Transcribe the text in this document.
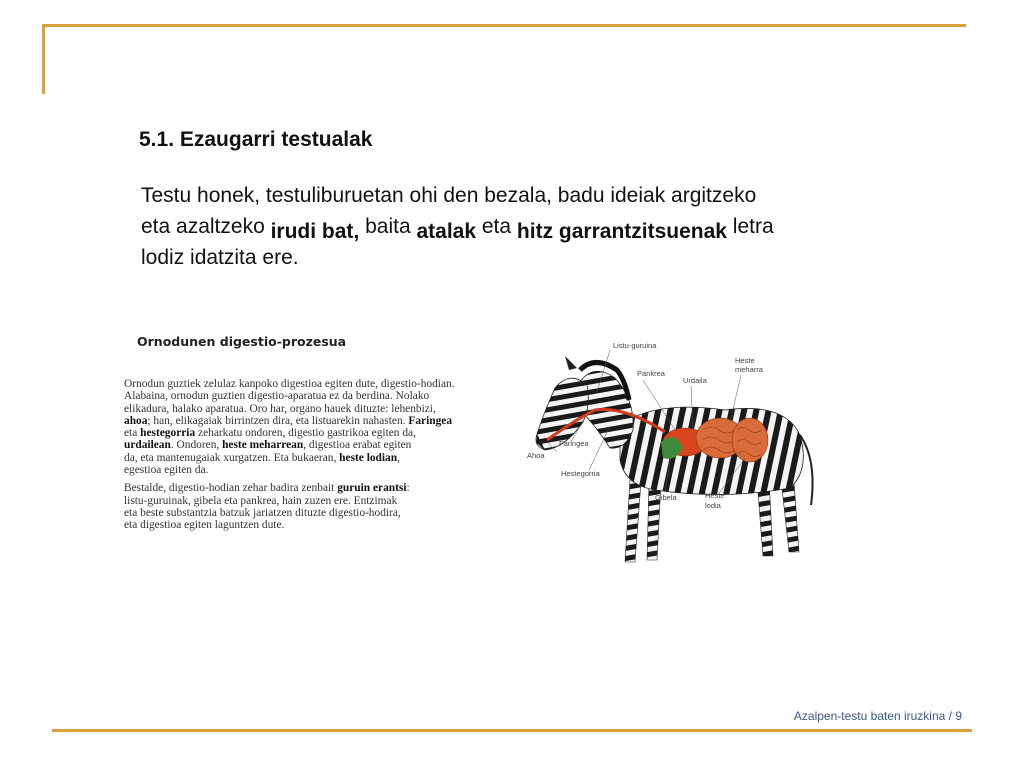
5.1. Ezaugarri testualak

Testu honek, testuliburuetan ohi den bezala, badu ideiak argitzeko
eta azaltzeko irudi bat, baita atalak eta hitz garrantzitsuenak letra
lodiz idatzita ere.

Ornodunen digestio-prozesua

Ornodun guztiek zelulaz kanpoko digestioa egiten dute, digestio-hodian.
Alabaina, ornodun guztien digestio-aparatua ez da berdina. Nolako
elikadura, halako aparatua. Oro har, organo hauek dituzte: lehenbizi,
ahoa; han, elikagaiak birrintzen dira, eta listuarekin nahasten. Faringea
eta hestegorria zeharkatu ondoren, digestio gastrikoa egiten da,
urdailean. Ondoren, heste meharrean, digestioa erabat egiten
da, eta mantenugaiak xurgatzen. Eta bukaeran, heste lodian,
egestioa egiten da.
Bestalde, digestio-hodian zehar badira zenbait guruin erantsi:
listu-guruinak, gibela eta pankrea, hain zuzen ere. Entzimak
eta beste substantzia batzuk jariatzen dituzte digestio-hodira,
eta digestioa egiten laguntzen dute.

Listu-guruina
Pankrea
Urdaila
Heste
meharra
Faringea
Ahoa
Hestegorria
Gibela	Heste
lodia
Azalpen-testu baten iruzkina / 9
